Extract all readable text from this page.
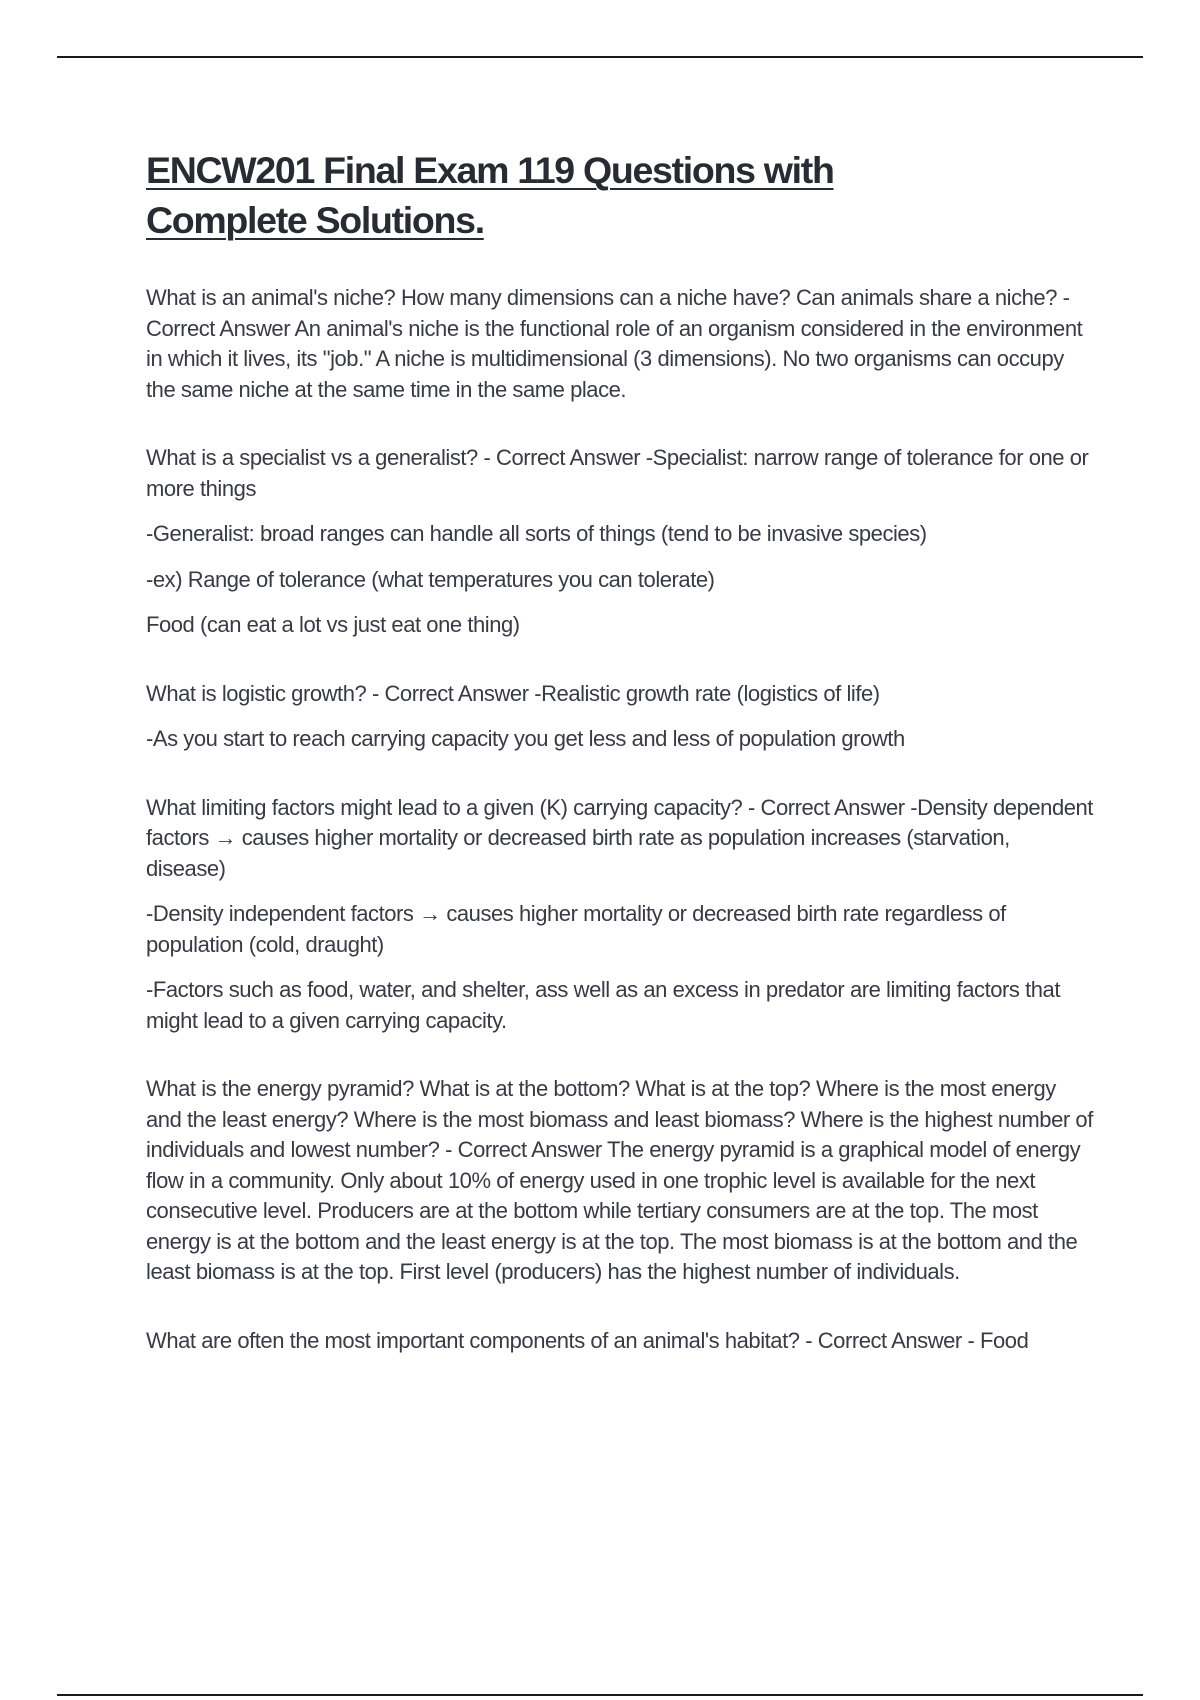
ENCW201 Final Exam 119 Questions with
Complete Solutions.

What is an animal's niche? How many dimensions can a niche have? Can animals share a niche? - Correct Answer An animal's niche is the functional role of an organism considered in the environment in which it lives, its "job." A niche is multidimensional (3 dimensions). No two organisms can occupy the same niche at the same time in the same place.

What is a specialist vs a generalist? - Correct Answer -Specialist: narrow range of tolerance for one or more things

-Generalist: broad ranges can handle all sorts of things (tend to be invasive species)

-ex) Range of tolerance (what temperatures you can tolerate)

Food (can eat a lot vs just eat one thing)

What is logistic growth? - Correct Answer -Realistic growth rate (logistics of life)

-As you start to reach carrying capacity you get less and less of population growth

What limiting factors might lead to a given (K) carrying capacity? - Correct Answer -Density dependent factors → causes higher mortality or decreased birth rate as population increases (starvation, disease)

-Density independent factors → causes higher mortality or decreased birth rate regardless of population (cold, draught)

-Factors such as food, water, and shelter, ass well as an excess in predator are limiting factors that might lead to a given carrying capacity.

What is the energy pyramid? What is at the bottom? What is at the top? Where is the most energy and the least energy? Where is the most biomass and least biomass? Where is the highest number of individuals and lowest number? - Correct Answer The energy pyramid is a graphical model of energy flow in a community. Only about 10% of energy used in one trophic level is available for the next consecutive level. Producers are at the bottom while tertiary consumers are at the top. The most energy is at the bottom and the least energy is at the top. The most biomass is at the bottom and the least biomass is at the top. First level (producers) has the highest number of individuals.

What are often the most important components of an animal's habitat? - Correct Answer - Food
